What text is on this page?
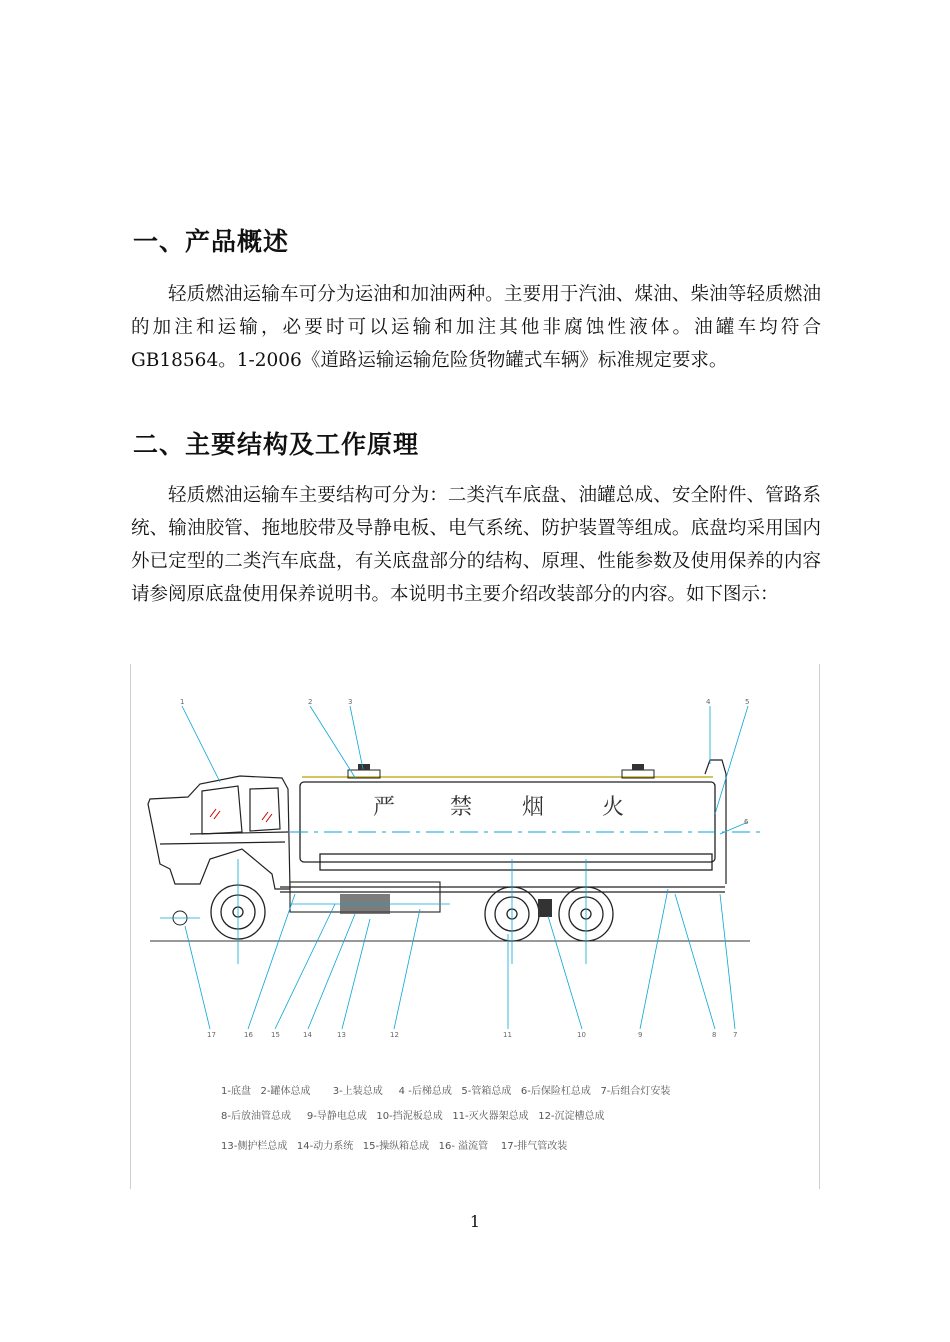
一、产品概述

轻质燃油运输车可分为运油和加油两种。主要用于汽油、煤油、柴油等轻质燃油的加注和运输，必要时可以运输和加注其他非腐蚀性液体。油罐车均符合GB18564。1-2006《道路运输运输危险货物罐式车辆》标准规定要求。

二、主要结构及工作原理

轻质燃油运输车主要结构可分为：二类汽车底盘、油罐总成、安全附件、管路系统、输油胶管、拖地胶带及导静电板、电气系统、防护装置等组成。底盘均采用国内外已定型的二类汽车底盘，有关底盘部分的结构、原理、性能参数及使用保养的内容请参阅原底盘使用保养说明书。本说明书主要介绍改装部分的内容。如下图示：

严 禁 烟	火
1	2	3	4	5
6
17	16	15	14	13	12	11	10	9	8 7
1-底盘 2-罐体总成 3-上装总成 4 -后梯总成 5-管箱总成 6-后保险杠总成 7-后组合灯安装
8-后放油管总成 9-导静电总成 10-挡泥板总成 11-灭火器架总成 12-沉淀槽总成
13-侧护栏总成 14-动力系统 15-操纵箱总成 16- 溢流管 17-排气管改装
1
